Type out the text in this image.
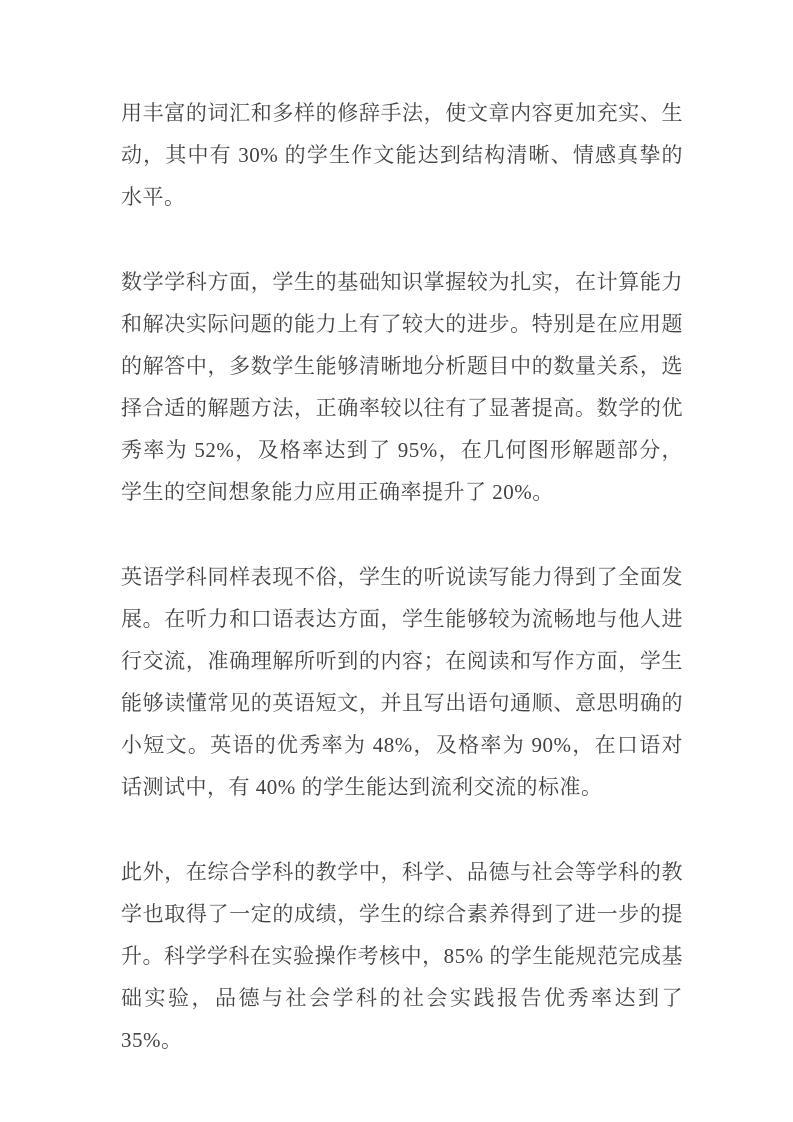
用丰富的词汇和多样的修辞手法，使文章内容更加充实、生动，其中有 30% 的学生作文能达到结构清晰、情感真挚的水平。

数学学科方面，学生的基础知识掌握较为扎实，在计算能力和解决实际问题的能力上有了较大的进步。特别是在应用题的解答中，多数学生能够清晰地分析题目中的数量关系，选择合适的解题方法，正确率较以往有了显著提高。数学的优秀率为 52%，及格率达到了 95%，在几何图形解题部分，学生的空间想象能力应用正确率提升了 20%。

英语学科同样表现不俗，学生的听说读写能力得到了全面发展。在听力和口语表达方面，学生能够较为流畅地与他人进行交流，准确理解所听到的内容；在阅读和写作方面，学生能够读懂常见的英语短文，并且写出语句通顺、意思明确的小短文。英语的优秀率为 48%，及格率为 90%，在口语对话测试中，有 40% 的学生能达到流利交流的标准。

此外，在综合学科的教学中，科学、品德与社会等学科的教学也取得了一定的成绩，学生的综合素养得到了进一步的提升。科学学科在实验操作考核中，85% 的学生能规范完成基础实验，品德与社会学科的社会实践报告优秀率达到了 35%。
